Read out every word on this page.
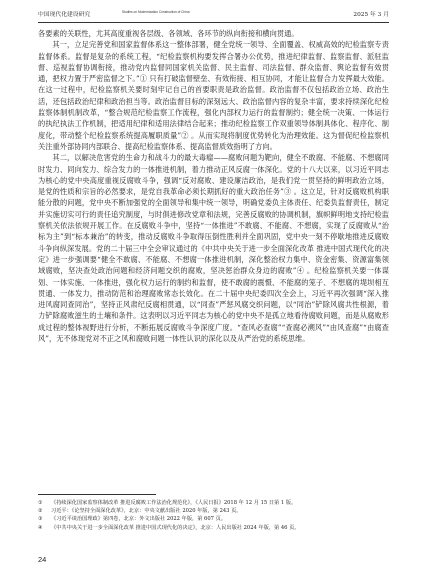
中国现代化建设研究	Studies on Modernization Construction of China	2025 年 3 月

各要素的关联性，尤其高度重视各层级、各领域、各环节的纵向衔接和横向贯通。

其一，立足完善党和国家监督体系这一整体部署，健全党统一领导、全面覆盖、权威高效的纪检监察专责监督体系。监督是复杂的系统工程，“纪检监察机构要发挥合署办公优势，推进纪律监督、监察监督、派驻监督、巡视监督协调衔接，推动党内监督同国家机关监督、民主监督、司法监督、群众监督、舆论监督有效贯通，把权力置于严密监督之下。”① 只有打破监督壁垒、有效衔接、相互协同，才能让监督合力发挥最大效能。在这一过程中，纪检监察机关要时刻牢记自己的首要职责是政治监督。政治监督不仅包括政治立场、政治生活，还包括政治纪律和政治担当等。政治监督目标的深刻远大、政治监督内容的复杂丰富，要求持续深化纪检监察体制机制改革，“整合规范纪检监察工作流程，强化内部权力运行的监督制约；健全统一决策、一体运行的执纪执法工作机制，把适用纪律和适用法律结合起来；推动纪检监察工作双重领导体制具体化、程序化、制度化，带动整个纪检监察系统提高履职质量”② 。从而实现将制度优势转化为治理效能。这为督促纪检监察机关注重外部协同内部联合、提高纪检监察体系、提高监督质效指明了方向。

其二，以解决危害党的生命力和战斗力的最大毒瘤——腐败问题为靶向，健全不敢腐、不能腐、不想腐同时发力、同向发力、综合发力的一体推进机制，着力推动正风反腐一体深化。党的十八大以来，以习近平同志为核心的党中央高度重视反腐败斗争，强调“反对腐败、建设廉洁政治，是我们党一贯坚持的鲜明政治立场，是党的性质和宗旨的必然要求，是党自我革命必须长期抓好的重大政治任务”③ 。这立足，针对反腐败机构职能分散的问题，党中央不断加强党的全面领导和集中统一领导，明确党委负主体责任、纪委负监督责任，制定并实施切实可行的责任追究制度，与时俱进修改党章和法规，完善反腐败的协调机制，旗帜鲜明地支持纪检监察机关依法依规开展工作。在反腐败斗争中，坚持“一体推进”不敢腐、不能腐、不想腐，实现了反腐败从“治标为主”到“标本兼治”的转变，推动反腐败斗争取得压倒性胜利并全面巩固，党中央一刻不停歇地推进反腐败斗争向纵深发展。党的二十届三中全会审议通过的《中共中央关于进一步全面深化改革 推进中国式现代化的决定》进一步强调要“健全不敢腐、不能腐、不想腐一体推进机制，深化整治权力集中、资金密集、资源富集领域腐败，坚决查处政治问题和经济问题交织的腐败，坚决惩治群众身边的腐败”④ 。纪检监察机关要一体谋划、一体实施、一体推进，强化权力运行的制约和监督，使不敢腐的震慑、不能腐的笼子、不想腐的堤坝相互贯通、一体发力，推动防范和治理腐败常态长效化。在二十届中央纪委四次全会上，习近平再次强调“深入推进风腐同查同治”，坚持正风肃纪反腐相贯通，以“同查”严惩风腐交织问题，以“同治”铲除风腐共性根源，着力铲除腐败滋生的土壤和条件。这表明以习近平同志为核心的党中央不是孤立地看待腐败问题，而是从腐败形成过程的整体视野进行分析，不断拓展反腐败斗争深度广度。“查风必查腐”“查腐必溯风”“由风查腐”“由腐查风”，无不体现党对不正之风和腐败问题一体性认识的深化以及从严治党的系统思维。

① 《持续深化国家监察体制改革 推进反腐败工作法治化规范化》，《人民日报》2018 年 12 月 15 日第 1 版。
② 习近平：《论坚持全面深化改革》，北京：中央文献出版社 2020 年版，第 243 页。
③ 《习近平谈治国理政》第四卷，北京：外文出版社 2022 年版，第 607 页。
④ 《中共中央关于进一步全面深化改革 推进中国式现代化的决定》，北京：人民出版社 2024 年版，第 46 页。
24
